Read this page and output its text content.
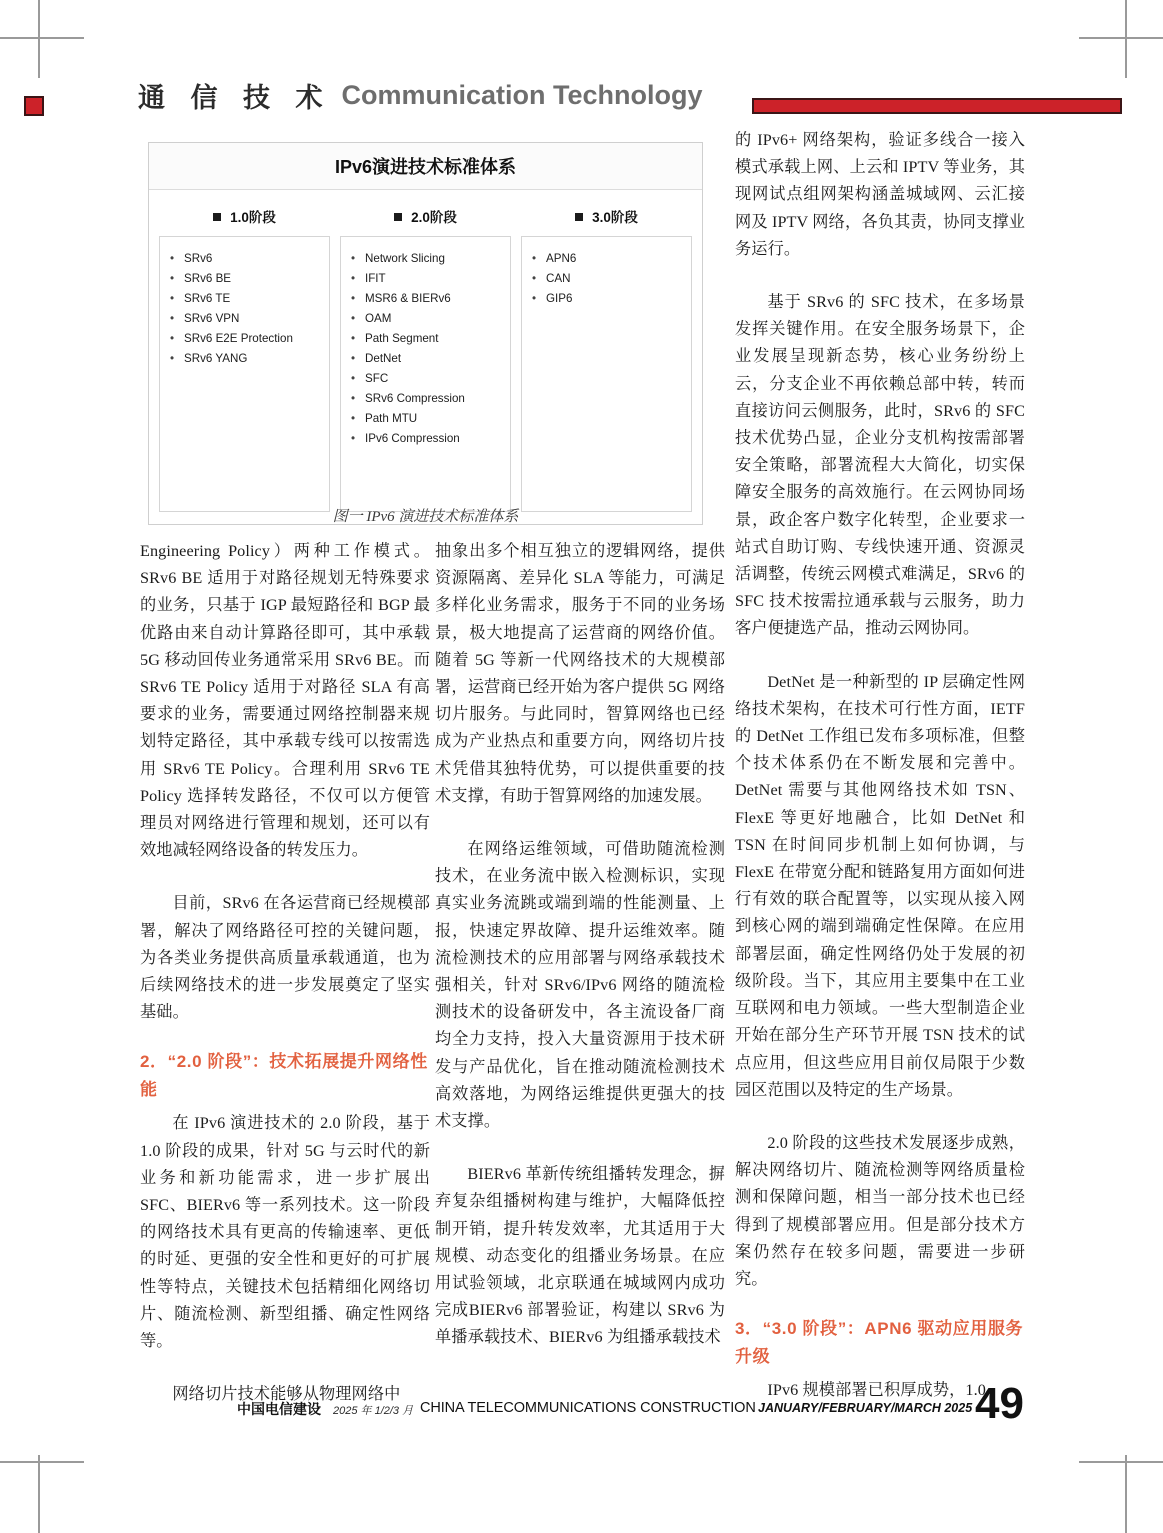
通 信 技 术 Communication Technology
IPv6演进技术标准体系
1.0阶段
• SRv6
• SRv6 BE
• SRv6 TE
• SRv6 VPN
• SRv6 E2E Protection
• SRv6 YANG
2.0阶段
• Network Slicing
• IFIT
• MSR6 & BIERv6
• OAM
• Path Segment
• DetNet
• SFC
• SRv6 Compression
• Path MTU
• IPv6 Compression
3.0阶段
• APN6
• CAN
• GIP6
图一 IPv6 演进技术标准体系

Engineering Policy）两种工作模式。SRv6 BE 适用于对路径规划无特殊要求的业务，只基于 IGP 最短路径和 BGP 最优路由来自动计算路径即可，其中承载 5G 移动回传业务通常采用 SRv6 BE。而 SRv6 TE Policy 适用于对路径 SLA 有高要求的业务，需要通过网络控制器来规划特定路径，其中承载专线可以按需选用 SRv6 TE Policy。合理利用 SRv6 TE Policy 选择转发路径，不仅可以方便管理员对网络进行管理和规划，还可以有效地减轻网络设备的转发压力。

目前，SRv6 在各运营商已经规模部署，解决了网络路径可控的关键问题，为各类业务提供高质量承载通道，也为后续网络技术的进一步发展奠定了坚实基础。

2．“2.0 阶段”：技术拓展提升网络性能

在 IPv6 演进技术的 2.0 阶段，基于 1.0 阶段的成果，针对 5G 与云时代的新业务和新功能需求，进一步扩展出 SFC、BIERv6 等一系列技术。这一阶段的网络技术具有更高的传输速率、更低的时延、更强的安全性和更好的可扩展性等特点，关键技术包括精细化网络切片、随流检测、新型组播、确定性网络等。

网络切片技术能够从物理网络中

抽象出多个相互独立的逻辑网络，提供资源隔离、差异化 SLA 等能力，可满足多样化业务需求，服务于不同的业务场景，极大地提高了运营商的网络价值。随着 5G 等新一代网络技术的大规模部署，运营商已经开始为客户提供 5G 网络切片服务。与此同时，智算网络也已经成为产业热点和重要方向，网络切片技术凭借其独特优势，可以提供重要的技术支撑，有助于智算网络的加速发展。

在网络运维领域，可借助随流检测技术，在业务流中嵌入检测标识，实现真实业务流跳或端到端的性能测量、上报，快速定界故障、提升运维效率。随流检测技术的应用部署与网络承载技术强相关，针对 SRv6/IPv6 网络的随流检测技术的设备研发中，各主流设备厂商均全力支持，投入大量资源用于技术研发与产品优化，旨在推动随流检测技术高效落地，为网络运维提供更强大的技术支撑。

BIERv6 革新传统组播转发理念，摒弃复杂组播树构建与维护，大幅降低控制开销，提升转发效率，尤其适用于大规模、动态变化的组播业务场景。在应用试验领域，北京联通在城域网内成功完成BIERv6 部署验证，构建以 SRv6 为单播承载技术、BIERv6 为组播承载技术

的 IPv6+ 网络架构，验证多线合一接入模式承载上网、上云和 IPTV 等业务，其现网试点组网架构涵盖城域网、云汇接网及 IPTV 网络，各负其责，协同支撑业务运行。

基于 SRv6 的 SFC 技术，在多场景发挥关键作用。在安全服务场景下，企业发展呈现新态势，核心业务纷纷上云，分支企业不再依赖总部中转，转而直接访问云侧服务，此时，SRv6 的 SFC 技术优势凸显，企业分支机构按需部署安全策略，部署流程大大简化，切实保障安全服务的高效施行。在云网协同场景，政企客户数字化转型，企业要求一站式自助订购、专线快速开通、资源灵活调整，传统云网模式难满足，SRv6 的 SFC 技术按需拉通承载与云服务，助力客户便捷选产品，推动云网协同。

DetNet 是一种新型的 IP 层确定性网络技术架构，在技术可行性方面，IETF 的 DetNet 工作组已发布多项标准，但整个技术体系仍在不断发展和完善中。DetNet 需要与其他网络技术如 TSN、FlexE 等更好地融合，比如 DetNet 和 TSN 在时间同步机制上如何协调，与 FlexE 在带宽分配和链路复用方面如何进行有效的联合配置等，以实现从接入网到核心网的端到端确定性保障。在应用部署层面，确定性网络仍处于发展的初级阶段。当下，其应用主要集中在工业互联网和电力领域。一些大型制造企业开始在部分生产环节开展 TSN 技术的试点应用，但这些应用目前仅局限于少数园区范围以及特定的生产场景。

2.0 阶段的这些技术发展逐步成熟，解决网络切片、随流检测等网络质量检测和保障问题，相当一部分技术也已经得到了规模部署应用。但是部分技术方案仍然存在较多问题，需要进一步研究。

3．“3.0 阶段”：APN6 驱动应用服务升级

IPv6 规模部署已积厚成势，1.0

中国电信建设 2025 年 1/2/3 月 CHINA TELECOMMUNICATIONS CONSTRUCTION JANUARY/FEBRUARY/MARCH 2025 49
